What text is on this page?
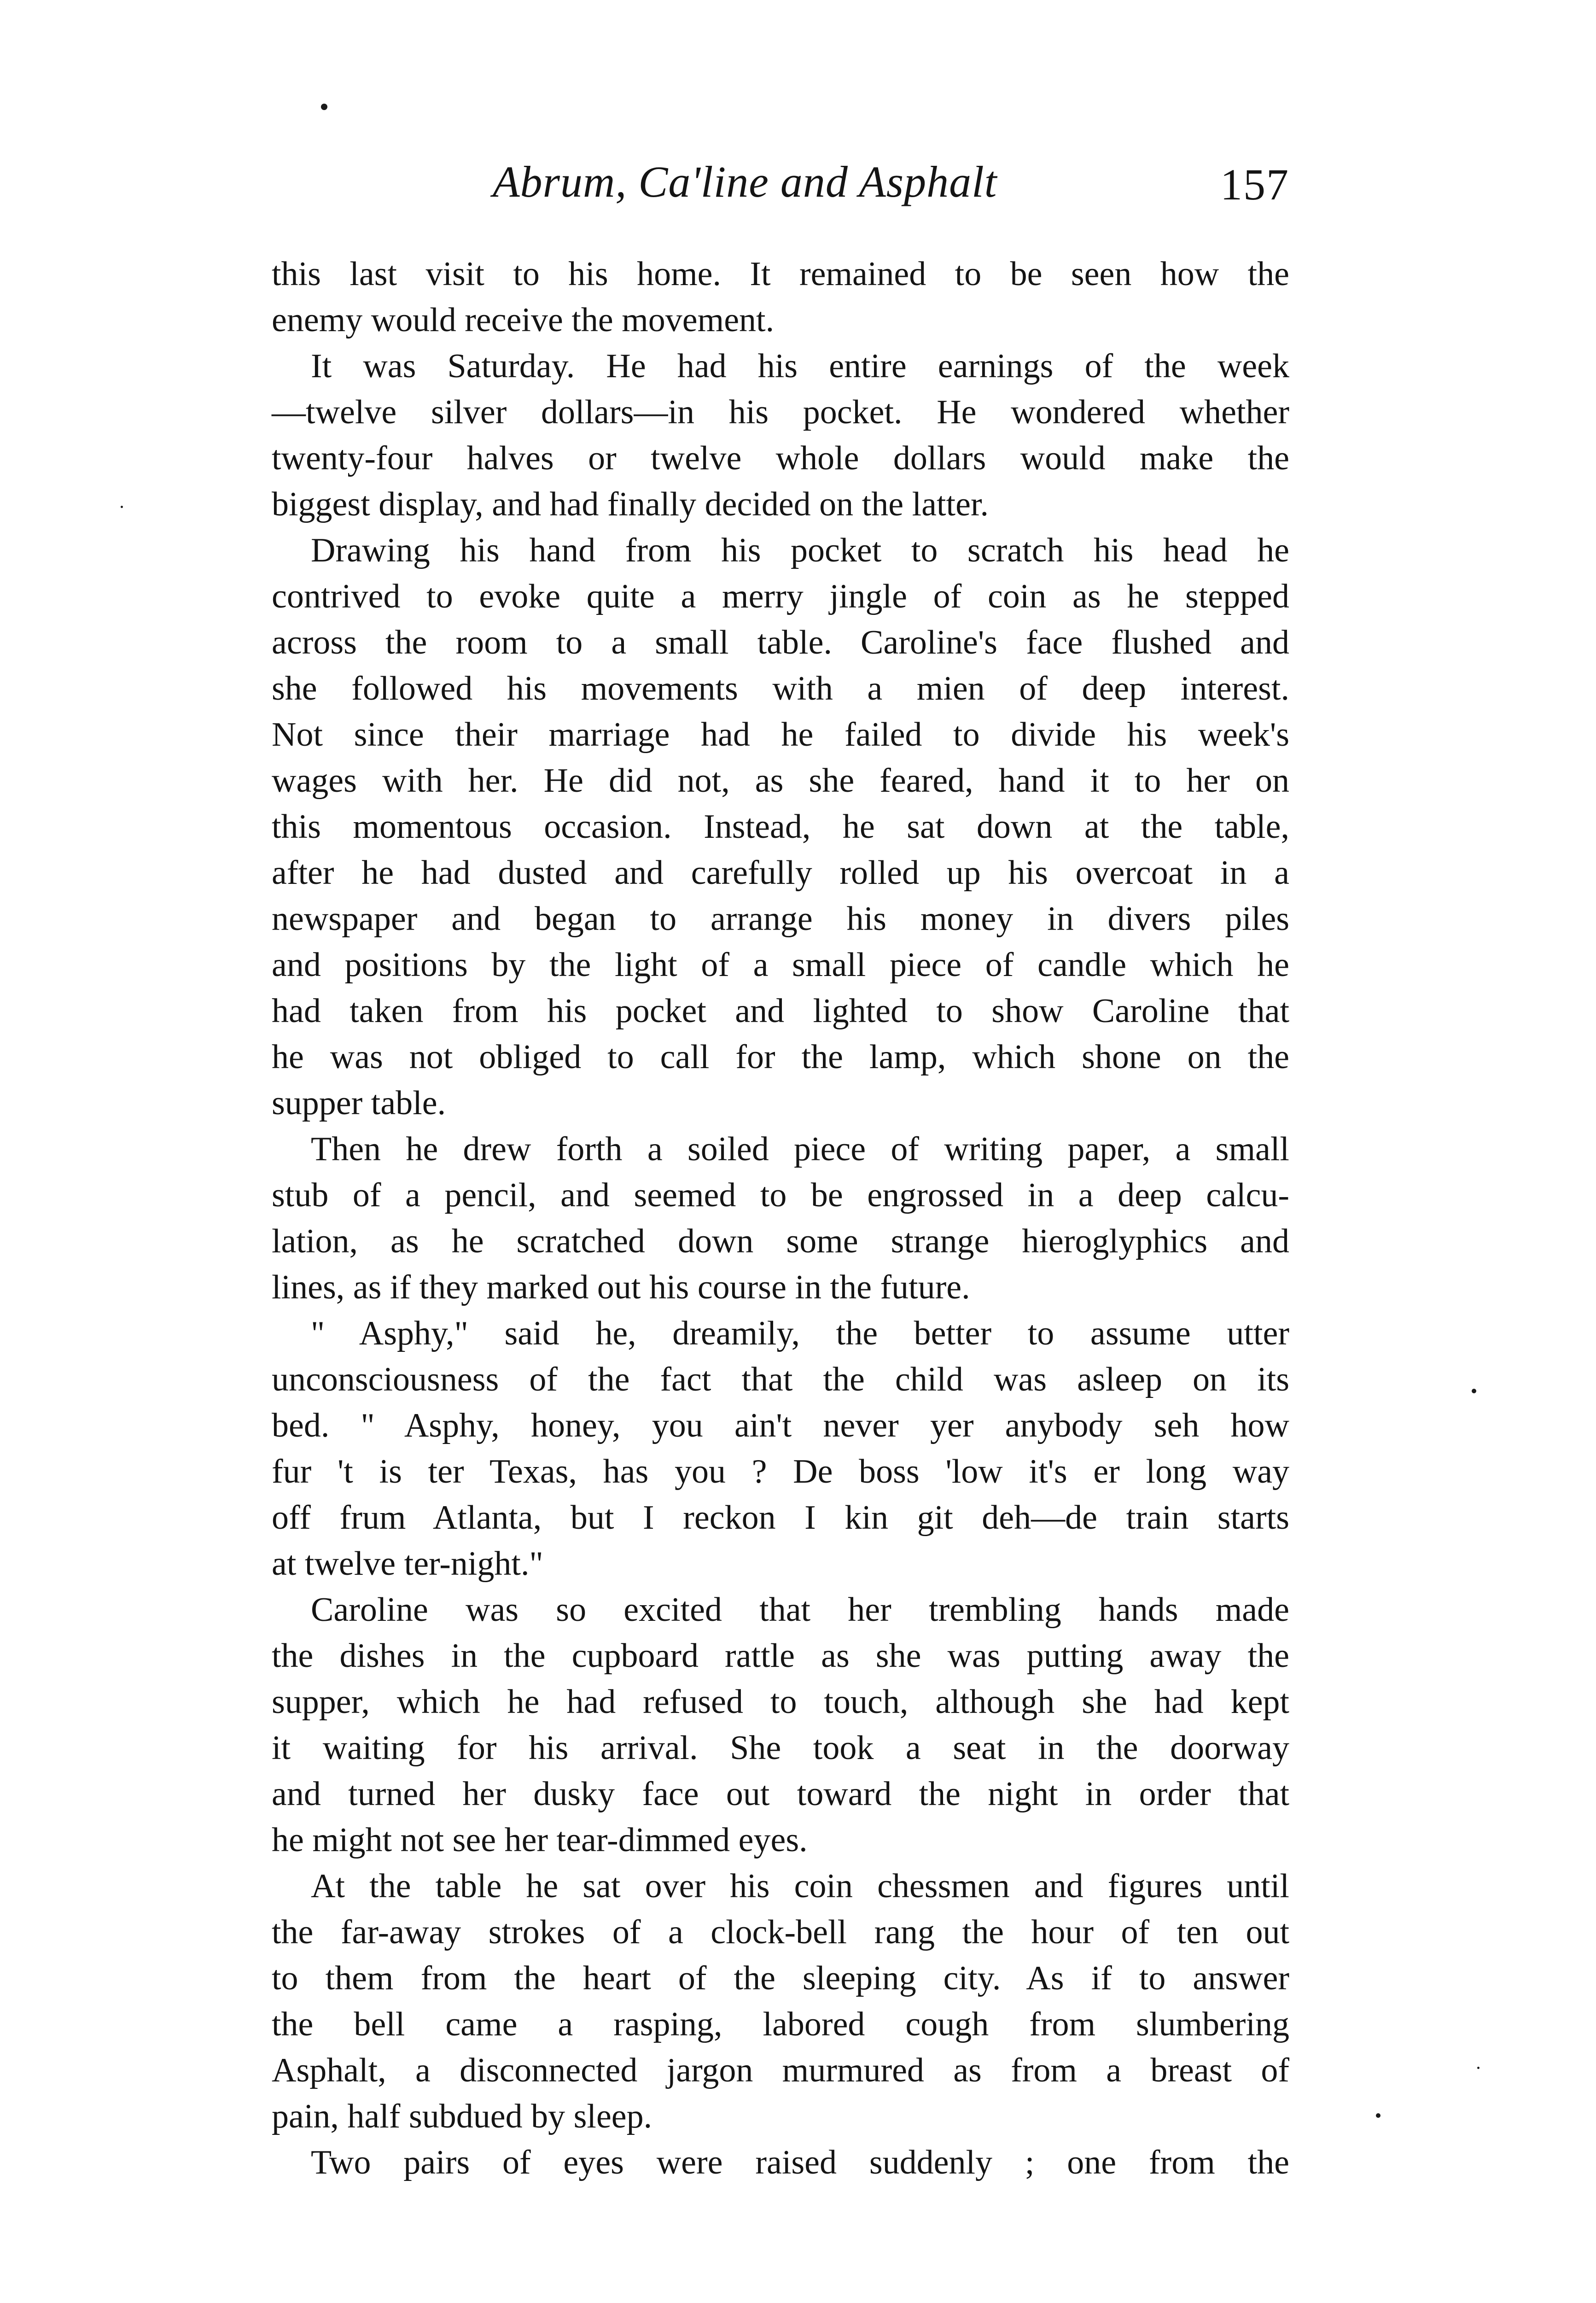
Abrum, Ca'line and Asphalt	157
this last visit to his home. It remained to be seen how the
enemy would receive the movement.
It was Saturday. He had his entire earnings of the week
—twelve silver dollars—in his pocket. He wondered whether
twenty-four halves or twelve whole dollars would make the
biggest display, and had finally decided on the latter.
Drawing his hand from his pocket to scratch his head he
contrived to evoke quite a merry jingle of coin as he stepped
across the room to a small table. Caroline's face flushed and
she followed his movements with a mien of deep interest.
Not since their marriage had he failed to divide his week's
wages with her. He did not, as she feared, hand it to her on
this momentous occasion. Instead, he sat down at the table,
after he had dusted and carefully rolled up his overcoat in a
newspaper and began to arrange his money in divers piles
and positions by the light of a small piece of candle which he
had taken from his pocket and lighted to show Caroline that
he was not obliged to call for the lamp, which shone on the
supper table.
Then he drew forth a soiled piece of writing paper, a small
stub of a pencil, and seemed to be engrossed in a deep calcu-
lation, as he scratched down some strange hieroglyphics and
lines, as if they marked out his course in the future.
" Asphy," said he, dreamily, the better to assume utter
unconsciousness of the fact that the child was asleep on its
bed. " Asphy, honey, you ain't never yer anybody seh how
fur 't is ter Texas, has you ? De boss 'low it's er long way
off frum Atlanta, but I reckon I kin git deh—de train starts
at twelve ter-night."
Caroline was so excited that her trembling hands made
the dishes in the cupboard rattle as she was putting away the
supper, which he had refused to touch, although she had kept
it waiting for his arrival. She took a seat in the doorway
and turned her dusky face out toward the night in order that
he might not see her tear-dimmed eyes.
At the table he sat over his coin chessmen and figures until
the far-away strokes of a clock-bell rang the hour of ten out
to them from the heart of the sleeping city. As if to answer
the bell came a rasping, labored cough from slumbering
Asphalt, a disconnected jargon murmured as from a breast of
pain, half subdued by sleep.
Two pairs of eyes were raised suddenly ; one from the
